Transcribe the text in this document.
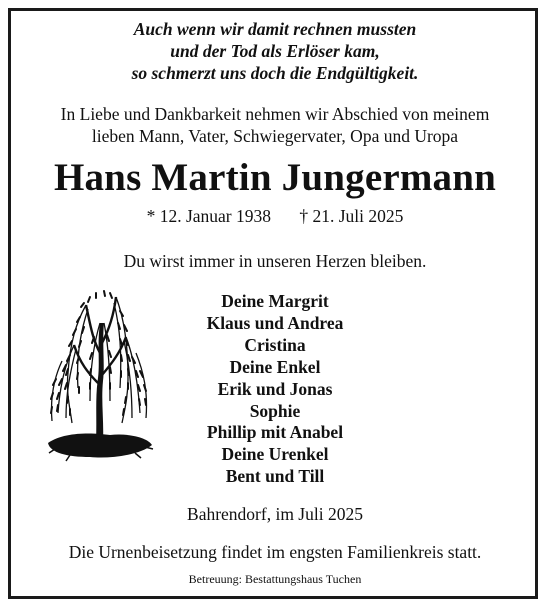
Auch wenn wir damit rechnen mussten
und der Tod als Erlöser kam,
so schmerzt uns doch die Endgültigkeit.
In Liebe und Dankbarkeit nehmen wir Abschied von meinem
lieben Mann, Vater, Schwiegervater, Opa und Uropa
Hans Martin Jungermann
* 12. Januar 1938 † 21. Juli 2025
Du wirst immer in unseren Herzen bleiben.
Deine Margrit
Klaus und Andrea
Cristina
Deine Enkel
Erik und Jonas
Sophie
Phillip mit Anabel
Deine Urenkel
Bent und Till
Bahrendorf, im Juli 2025
Die Urnenbeisetzung findet im engsten Familienkreis statt.
Betreuung: Bestattungshaus Tuchen
